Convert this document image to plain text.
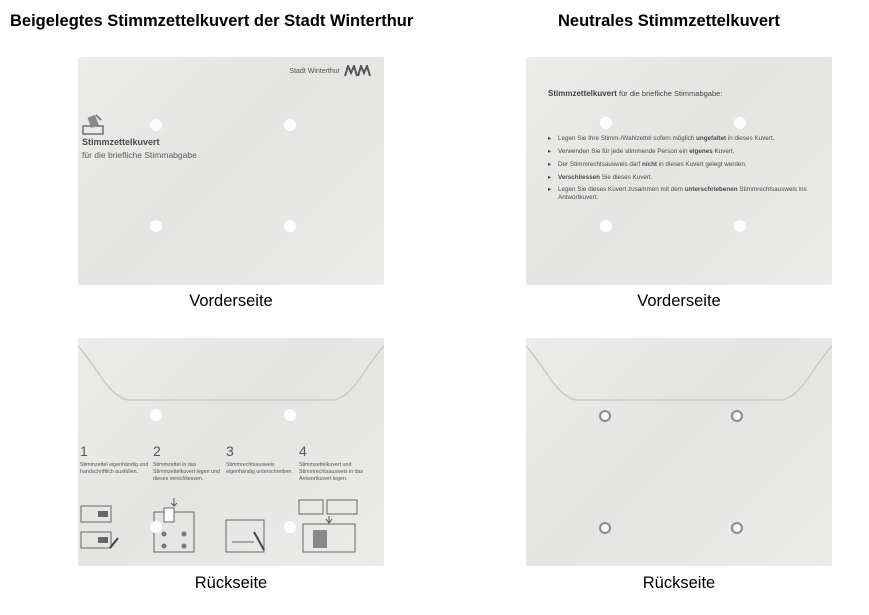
Beigelegtes Stimmzettelkuvert der Stadt Winterthur	Neutrales Stimmzettelkuvert
Stadt Winterthur
Stimmzettelkuvert
für die briefliche Stimmabgabe
Vorderseite
Stimmzettelkuvert für die briefliche Stimmabgabe:
▸ Legen Sie Ihre Stimm-/Wahlzettel sofern möglich ungefaltet in dieses Kuvert.
▸ Verwenden Sie für jede stimmende Person ein eigenes Kuvert.
▸ Der Stimmrechtsausweis darf nicht in dieses Kuvert gelegt werden.
▸ Verschliessen Sie dieses Kuvert.
▸ Legen Sie dieses Kuvert zusammen mit dem unterschriebenen Stimmrechtsausweis ins Antwortkuvert.
Vorderseite
1
Stimmzettel eigenhändig und handschriftlich ausfüllen.
2
Stimmzettel in das Stimmzettelkuvert legen und dieses verschliessen.
3
Stimmrechtsausweis eigenhändig unterschreiben.
4
Stimmzettelkuvert und Stimmrechtsausweis in das Antwortkuvert legen.
Rückseite	Rückseite
